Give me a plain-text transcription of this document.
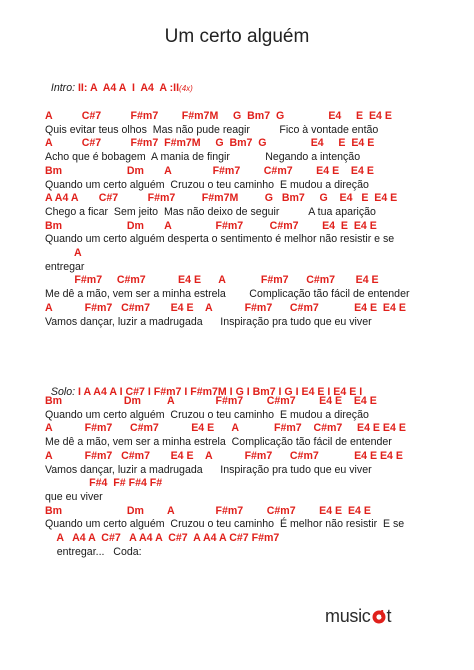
Um certo alguém

Intro: II: A  A4 A  I  A4  A :II(4x)

A          C#7          F#m7        F#m7M     G  Bm7  G               E4     E  E4 E
Quis evitar teus olhos  Mas não pude reagir          Fico à vontade então
A          C#7          F#m7  F#m7M     G  Bm7  G               E4     E  E4 E
Acho que é bobagem  A mania de fingir            Negando a intenção
Bm                      Dm       A              F#m7        C#m7        E4 E    E4 E
Quando um certo alguém  Cruzou o teu caminho  E mudou a direção
A A4 A       C#7          F#m7         F#m7M         G   Bm7     G    E4   E  E4 E
Chego a ficar  Sem jeito  Mas não deixo de seguir          A tua aparição
Bm                      Dm       A               F#m7         C#m7        E4  E  E4 E
Quando um certo alguém desperta o sentimento é melhor não resistir e se
A
entregar
F#m7     C#m7           E4 E      A            F#m7      C#m7       E4 E
Me dê a mão, vem ser a minha estrela        Complicação tão fácil de entender
A           F#m7   C#m7       E4 E    A           F#m7      C#m7            E4 E  E4 E
Vamos dançar, luzir a madrugada      Inspiração pra tudo que eu viver

Solo: I A A4 A I C#7 I F#m7 I F#m7M I G I Bm7 I G I E4 E I E4 E I

Bm                     Dm         A              F#m7        C#m7        E4 E    E4 E
Quando um certo alguém  Cruzou o teu caminho  E mudou a direção
A           F#m7      C#m7           E4 E      A            F#m7    C#m7     E4 E E4 E
Me dê a mão, vem ser a minha estrela  Complicação tão fácil de entender
A           F#m7   C#m7       E4 E    A           F#m7      C#m7            E4 E E4 E
Vamos dançar, luzir a madrugada      Inspiração pra tudo que eu viver
F#4  F# F#4 F#
que eu viver
Bm                      Dm        A              F#m7        C#m7        E4 E  E4 E
Quando um certo alguém  Cruzou o teu caminho  É melhor não resistir  E se
A   A4 A  C#7   A A4 A  C#7  A A4 A C#7 F#m7
entregar...   Coda:
music t
